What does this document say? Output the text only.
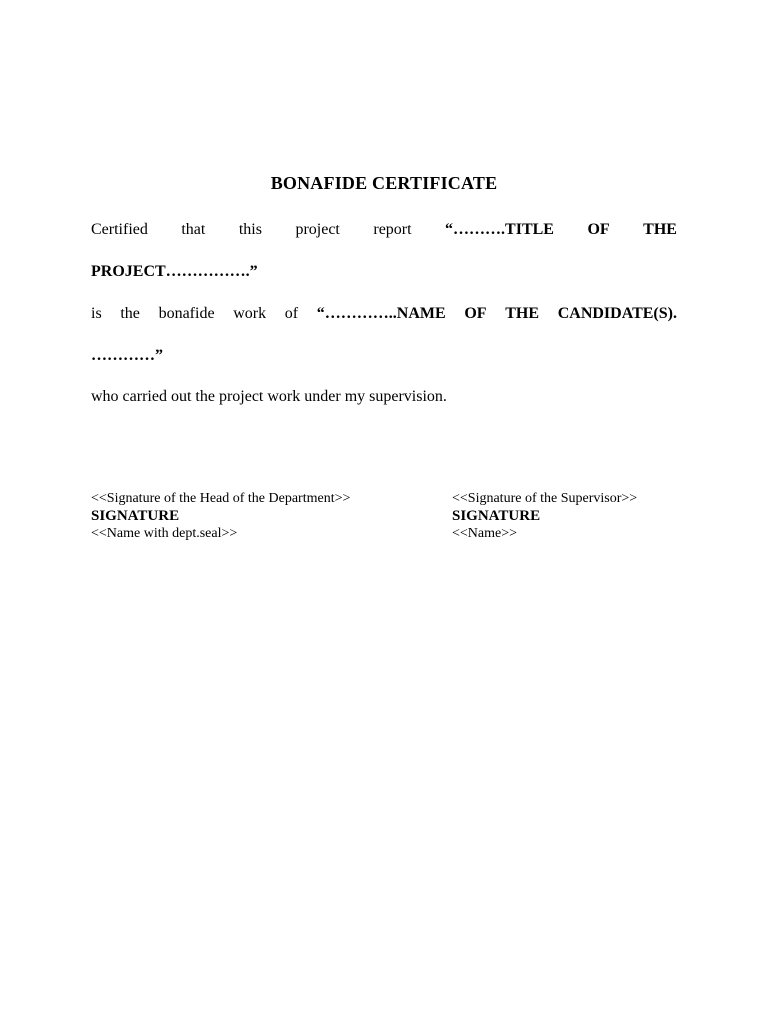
BONAFIDE CERTIFICATE
Certified that this project report “……….TITLE OF THE
PROJECT…………….”
is the bonafide work of “…………..NAME OF THE CANDIDATE(S).
…………”
who carried out the project work under my supervision.
<<Signature of the Head of the Department>>
SIGNATURE
<<Name with dept.seal>>
<<Signature of the Supervisor>>
SIGNATURE
<<Name>>
